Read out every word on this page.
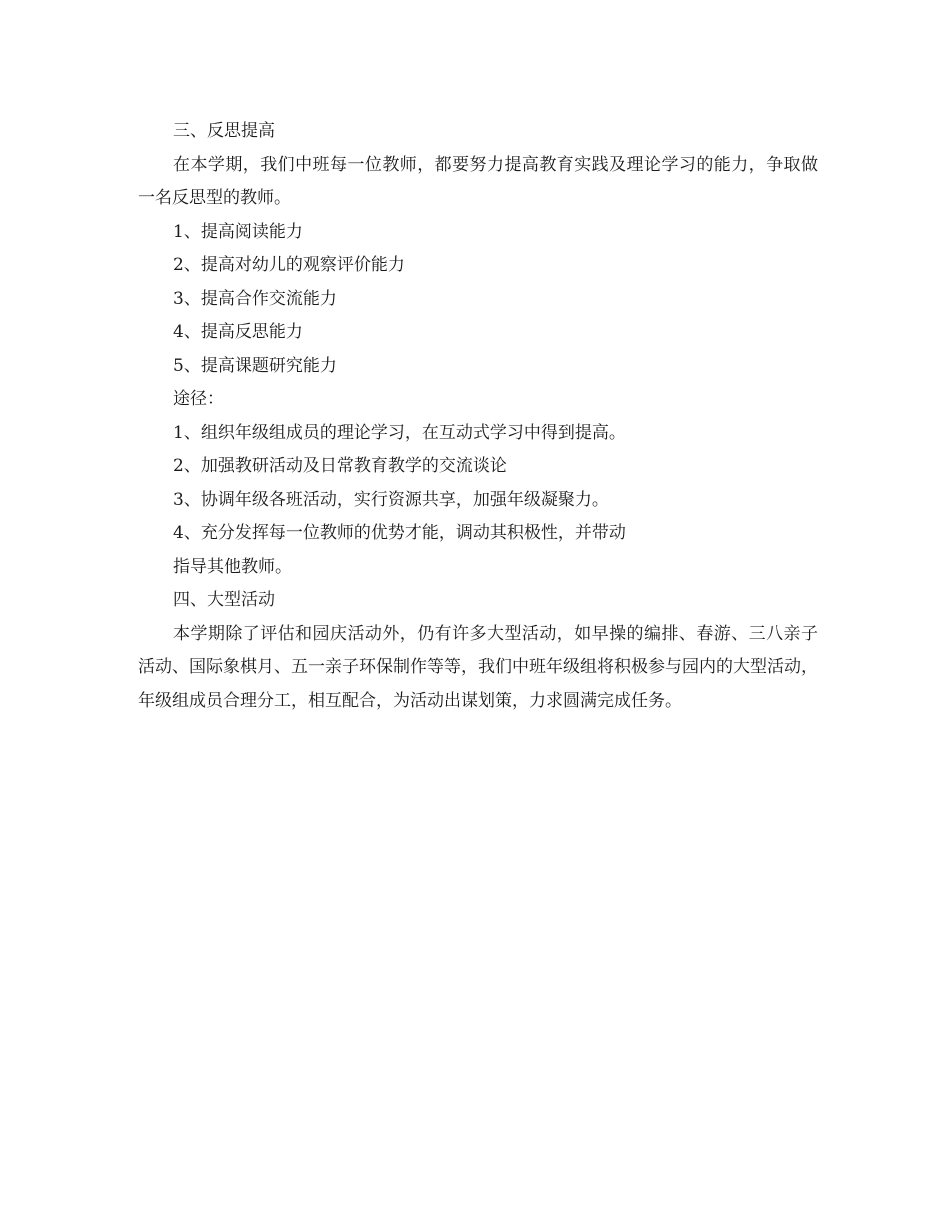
三、反思提高

在本学期，我们中班每一位教师，都要努力提高教育实践及理论学习的能力，争取做一名反思型的教师。

1、提高阅读能力
2、提高对幼儿的观察评价能力
3、提高合作交流能力
4、提高反思能力
5、提高课题研究能力
途径：
1、组织年级组成员的理论学习，在互动式学习中得到提高。
2、加强教研活动及日常教育教学的交流谈论
3、协调年级各班活动，实行资源共享，加强年级凝聚力。
4、充分发挥每一位教师的优势才能，调动其积极性，并带动
指导其他教师。
四、大型活动

本学期除了评估和园庆活动外，仍有许多大型活动，如早操的编排、春游、三八亲子活动、国际象棋月、五一亲子环保制作等等，我们中班年级组将积极参与园内的大型活动，年级组成员合理分工，相互配合，为活动出谋划策，力求圆满完成任务。
